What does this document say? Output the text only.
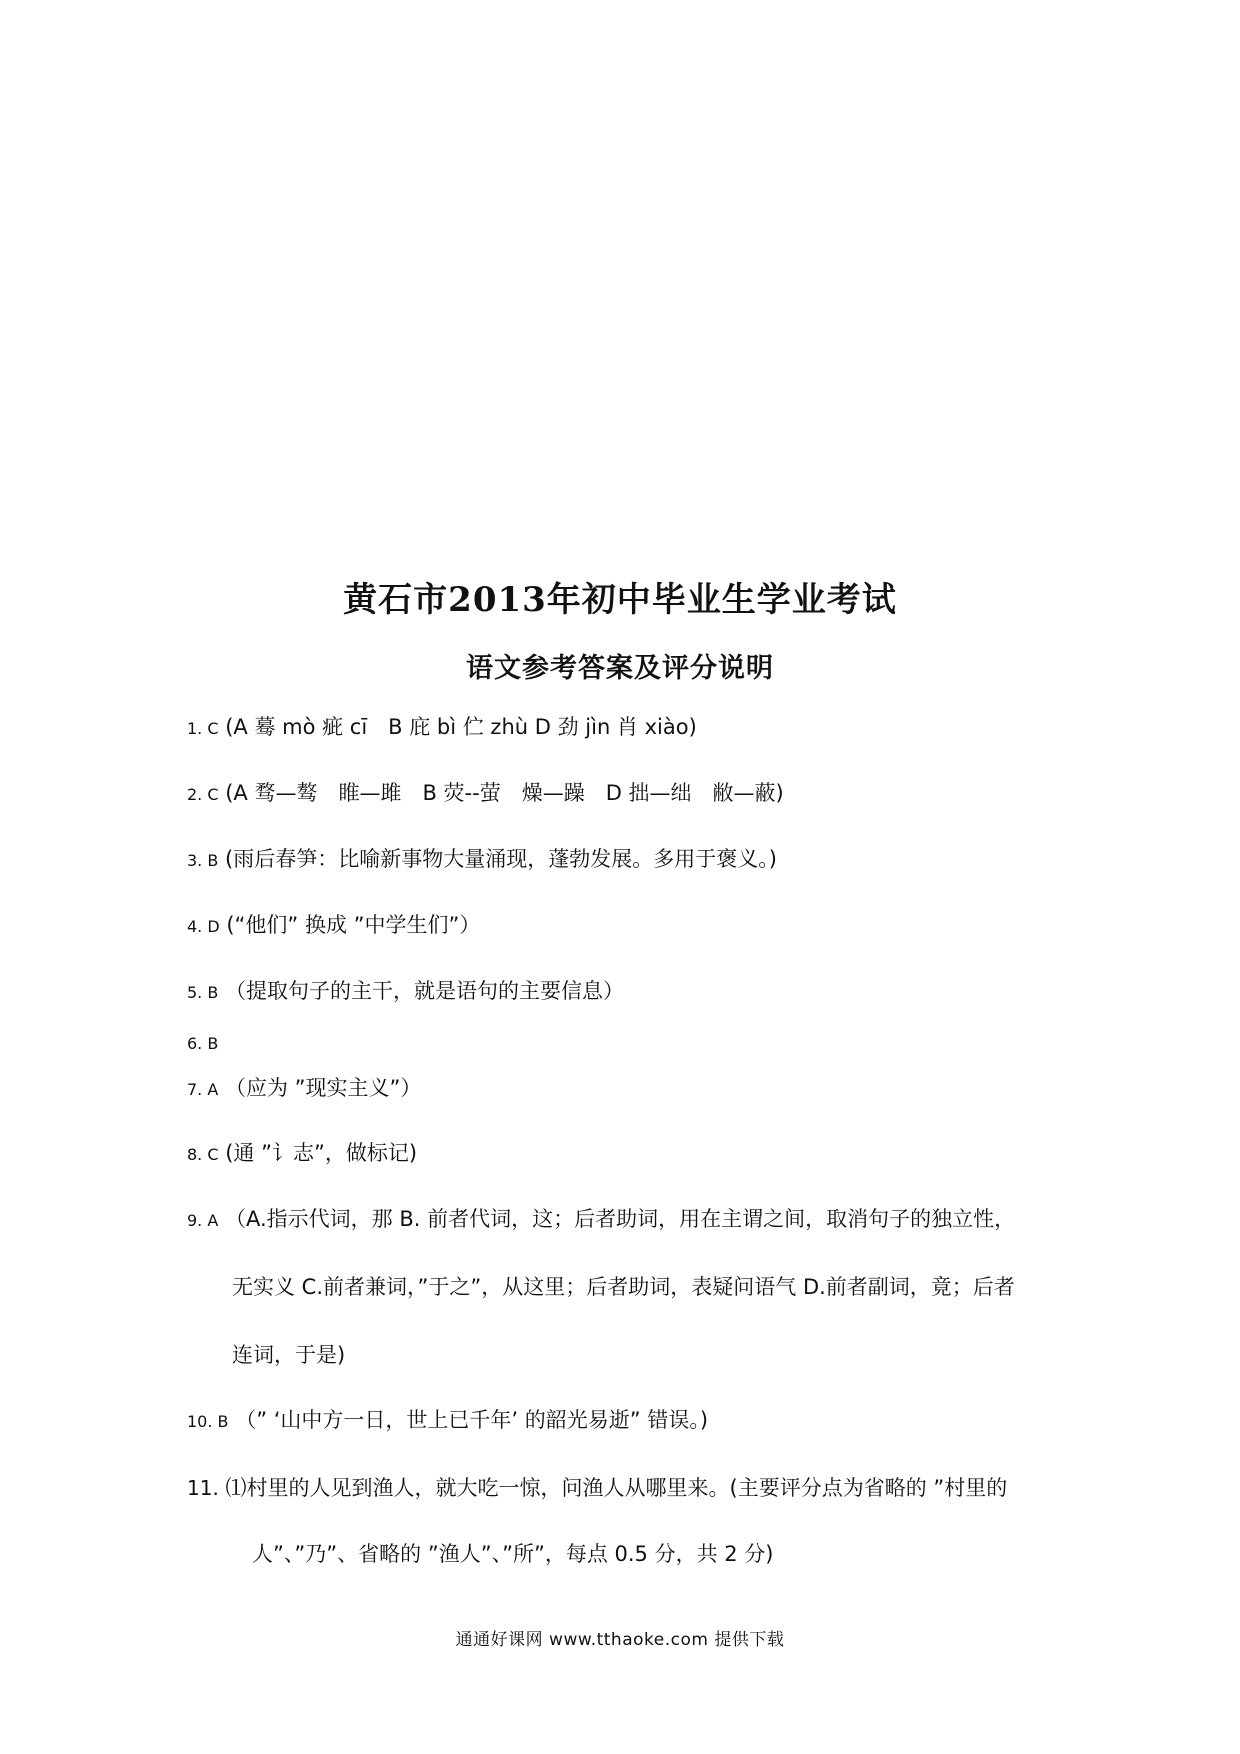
黄石市2013年初中毕业生学业考试
语文参考答案及评分说明
1. C (A 蓦 mò 疵 cī　B 庇 bì 伫 zhù D 劲 jìn 肖 xiào)
2. C (A 骛—骜　睢—雎　B 荧--萤　燥—躁　D 拙—绌　敝—蔽)
3. B (雨后春笋：比喻新事物大量涌现，蓬勃发展。多用于褒义。)
4. D (“他们” 换成 ”中学生们”）
5. B （提取句子的主干，就是语句的主要信息）
6. B
7. A （应为 ”现实主义”）
8. C (通 ”讠志”，做标记)
9. A （A.指示代词，那 B. 前者代词，这；后者助词，用在主谓之间，取消句子的独立性，
无实义 C.前者兼词，”于之”，从这里；后者助词，表疑问语气 D.前者副词，竟；后者
连词，于是)
10. B （” ‘山中方一日，世上已千年’ 的韶光易逝” 错误。)
11. ⑴村里的人见到渔人，就大吃一惊，问渔人从哪里来。(主要评分点为省略的 ”村里的
人”、”乃”、省略的 ”渔人”、”所”，每点 0.5 分，共 2 分)
通通好课网 www.tthaoke.com 提供下载
